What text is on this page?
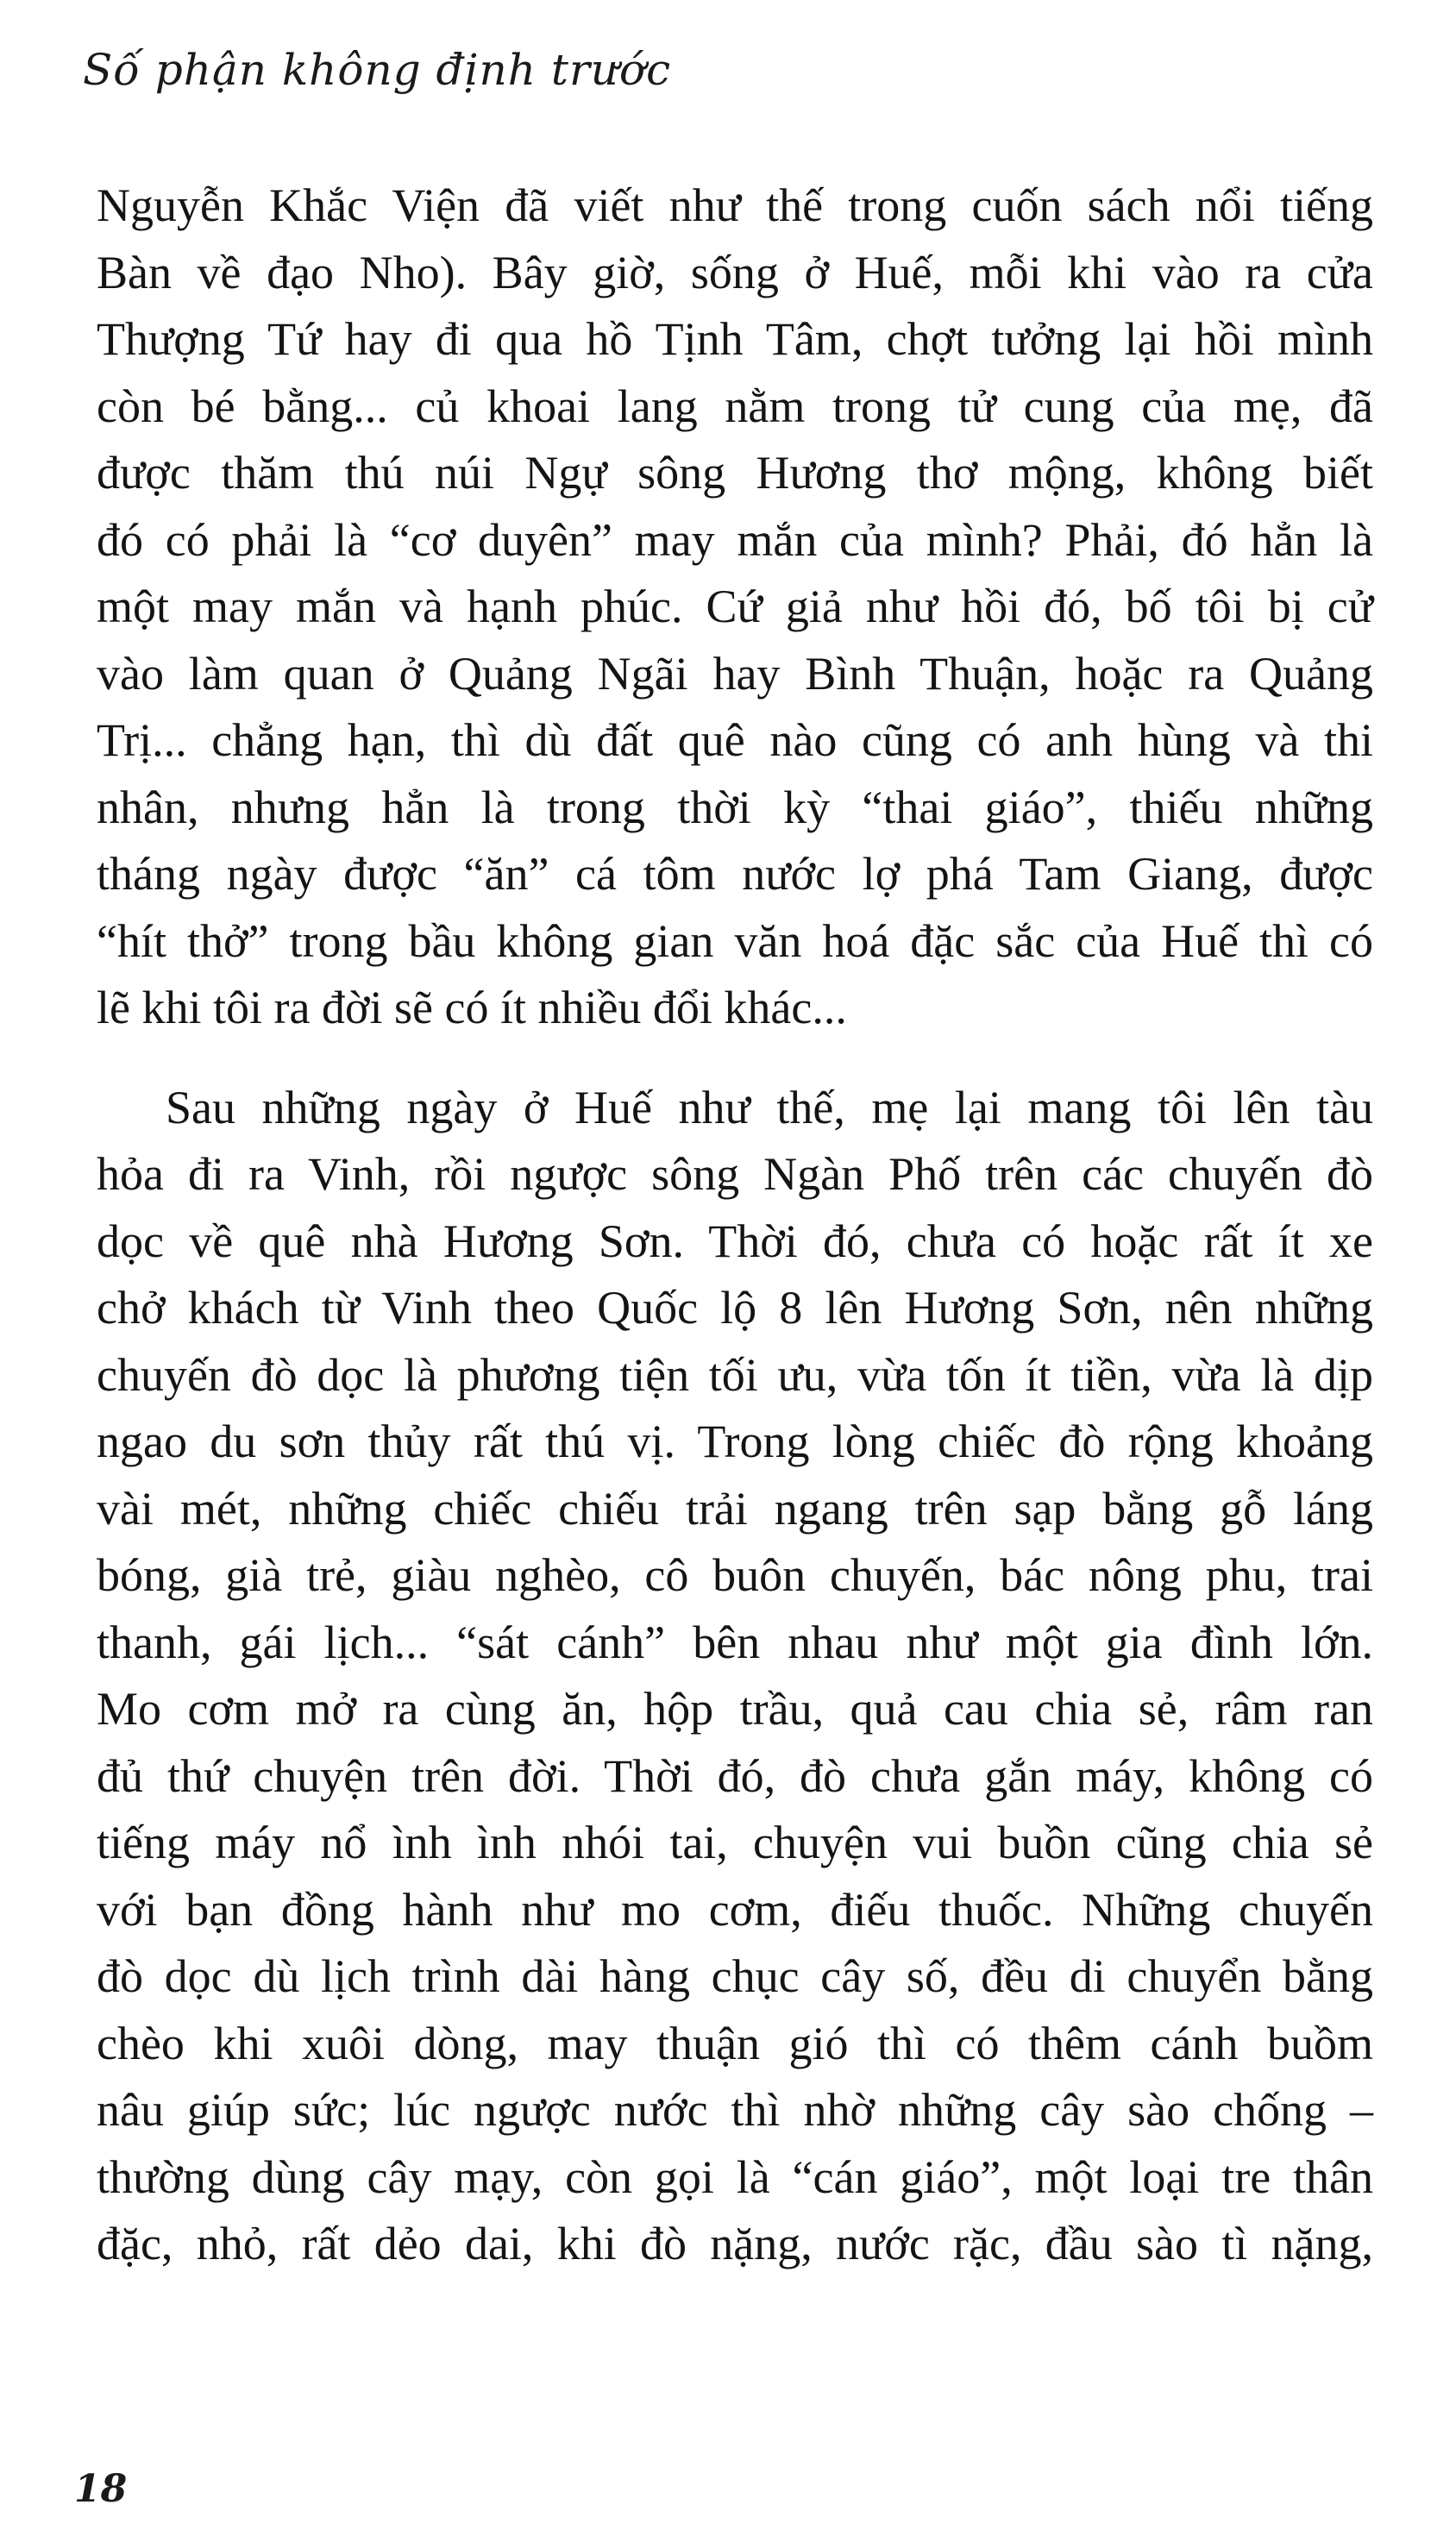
Số phận không định trước
Nguyễn Khắc Viện đã viết như thế trong cuốn sách nổi tiếng
Bàn về đạo Nho). Bây giờ, sống ở Huế, mỗi khi vào ra cửa
Thượng Tứ hay đi qua hồ Tịnh Tâm, chợt tưởng lại hồi mình
còn bé bằng... củ khoai lang nằm trong tử cung của mẹ, đã
được thăm thú núi Ngự sông Hương thơ mộng, không biết
đó có phải là “cơ duyên” may mắn của mình? Phải, đó hẳn là
một may mắn và hạnh phúc. Cứ giả như hồi đó, bố tôi bị cử
vào làm quan ở Quảng Ngãi hay Bình Thuận, hoặc ra Quảng
Trị... chẳng hạn, thì dù đất quê nào cũng có anh hùng và thi
nhân, nhưng hẳn là trong thời kỳ “thai giáo”, thiếu những
tháng ngày được “ăn” cá tôm nước lợ phá Tam Giang, được
“hít thở” trong bầu không gian văn hoá đặc sắc của Huế thì có
lẽ khi tôi ra đời sẽ có ít nhiều đổi khác...
Sau những ngày ở Huế như thế, mẹ lại mang tôi lên tàu
hỏa đi ra Vinh, rồi ngược sông Ngàn Phố trên các chuyến đò
dọc về quê nhà Hương Sơn. Thời đó, chưa có hoặc rất ít xe
chở khách từ Vinh theo Quốc lộ 8 lên Hương Sơn, nên những
chuyến đò dọc là phương tiện tối ưu, vừa tốn ít tiền, vừa là dịp
ngao du sơn thủy rất thú vị. Trong lòng chiếc đò rộng khoảng
vài mét, những chiếc chiếu trải ngang trên sạp bằng gỗ láng
bóng, già trẻ, giàu nghèo, cô buôn chuyến, bác nông phu, trai
thanh, gái lịch... “sát cánh” bên nhau như một gia đình lớn.
Mo cơm mở ra cùng ăn, hộp trầu, quả cau chia sẻ, râm ran
đủ thứ chuyện trên đời. Thời đó, đò chưa gắn máy, không có
tiếng máy nổ ình ình nhói tai, chuyện vui buồn cũng chia sẻ
với bạn đồng hành như mo cơm, điếu thuốc. Những chuyến
đò dọc dù lịch trình dài hàng chục cây số, đều di chuyển bằng
chèo khi xuôi dòng, may thuận gió thì có thêm cánh buồm
nâu giúp sức; lúc ngược nước thì nhờ những cây sào chống –
thường dùng cây mạy, còn gọi là “cán giáo”, một loại tre thân
đặc, nhỏ, rất dẻo dai, khi đò nặng, nước rặc, đầu sào tì nặng,
18
